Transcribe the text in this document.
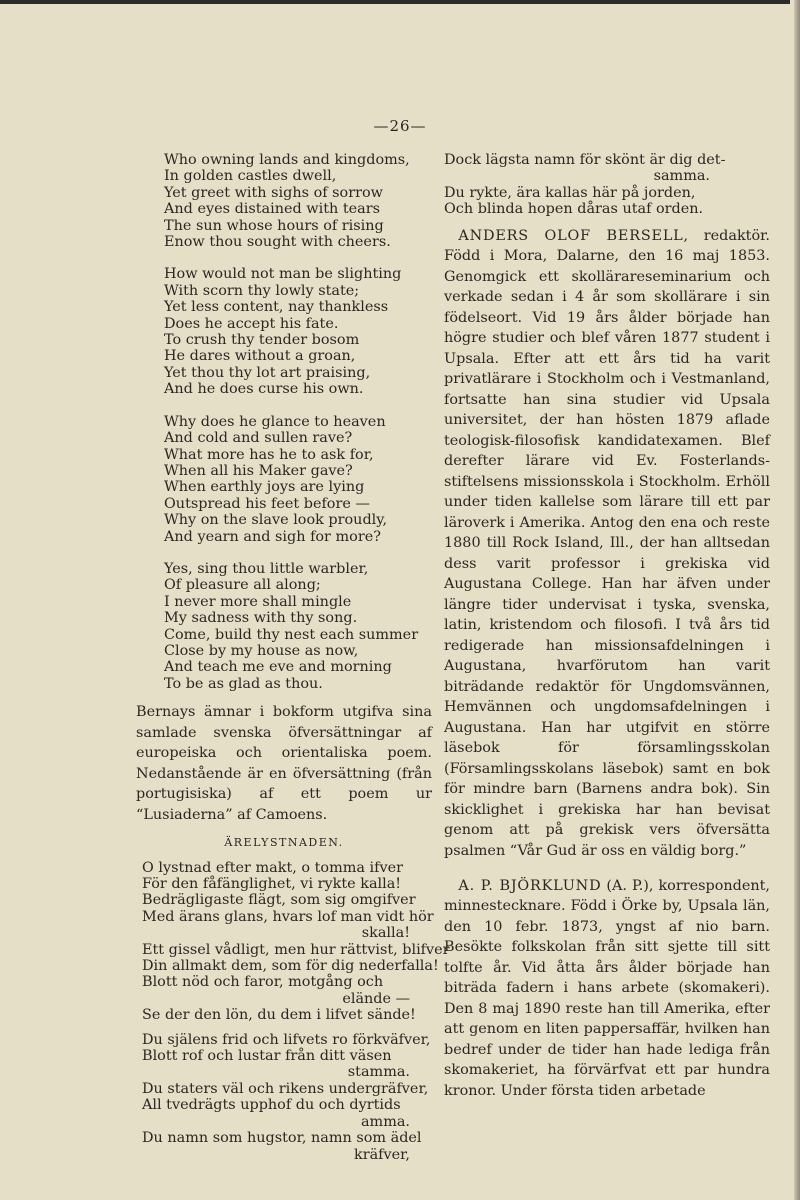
—26—
Who owning lands and kingdoms,
In golden castles dwell,
Yet greet with sighs of sorrow
And eyes distained with tears
The sun whose hours of rising
Enow thou sought with cheers.
How would not man be slighting
With scorn thy lowly state;
Yet less content, nay thankless
Does he accept his fate.
To crush thy tender bosom
He dares without a groan,
Yet thou thy lot art praising,
And he does curse his own.
Why does he glance to heaven
And cold and sullen rave?
What more has he to ask for,
When all his Maker gave?
When earthly joys are lying
Outspread his feet before —
Why on the slave look proudly,
And yearn and sigh for more?
Yes, sing thou little warbler,
Of pleasure all along;
I never more shall mingle
My sadness with thy song.
Come, build thy nest each summer
Close by my house as now,
And teach me eve and morning
To be as glad as thou.

Bernays ämnar i bokform utgifva sina samlade svenska öfversättningar af europeiska och orientaliska poem. Nedanstående är en öfversättning (från portugisiska) af ett poem ur “Lusiaderna” af Camoens.

ÄRELYSTNADEN.
O lystnad efter makt, o tomma ifver
För den fåfänglighet, vi rykte kalla!
Bedrägligaste flägt, som sig omgifver
Med ärans glans, hvars lof man vidt hör
skalla!
Ett gissel vådligt, men hur rättvist, blifver
Din allmakt dem, som för dig nederfalla!
Blott nöd och faror, motgång och
elände —
Se der den lön, du dem i lifvet sände!
Du själens frid och lifvets ro förkväfver,
Blott rof och lustar från ditt väsen
stamma.
Du staters väl och rikens undergräfver,
All tvedrägts upphof du och dyrtids
amma.
Du namn som hugstor, namn som ädel
kräfver,
Dock lägsta namn för skönt är dig det-
samma.
Du rykte, ära kallas här på jorden,
Och blinda hopen dåras utaf orden.

 ANDERS OLOF BERSELL, redaktör. Född i Mora, Dalarne, den 16 maj 1853. Genomgick ett skollärareseminarium och verkade sedan i 4 år som skollärare i sin födelseort. Vid 19 års ålder började han högre studier och blef våren 1877 student i Upsala. Efter att ett års tid ha varit privatlärare i Stockholm och i Vestmanland, fortsatte han sina studier vid Upsala universitet, der han hösten 1879 aflade teologisk-filosofisk kandidatexamen. Blef derefter lärare vid Ev. Fosterlands-stiftelsens missionsskola i Stockholm. Erhöll under tiden kallelse som lärare till ett par läroverk i Amerika. Antog den ena och reste 1880 till Rock Island, Ill., der han alltsedan dess varit professor i grekiska vid Augustana College. Han har äfven under längre tider undervisat i tyska, svenska, latin, kristendom och filosofi. I två års tid redigerade han missionsafdelningen i Augustana, hvarförutom han varit biträdande redaktör för Ungdomsvännen, Hemvännen och ungdomsafdelningen i Augustana. Han har utgifvit en större läsebok för församlingsskolan (Församlingsskolans läsebok) samt en bok för mindre barn (Barnens andra bok). Sin skicklighet i grekiska har han bevisat genom att på grekisk vers öfversätta psalmen “Vår Gud är oss en väldig borg.”

 A. P. BJÖRKLUND (A. P.), korrespondent, minnestecknare. Född i Örke by, Upsala län, den 10 febr. 1873, yngst af nio barn. Besökte folkskolan från sitt sjette till sitt tolfte år. Vid åtta års ålder började han biträda fadern i hans arbete (skomakeri). Den 8 maj 1890 reste han till Amerika, efter att genom en liten pappersaffär, hvilken han bedref under de tider han hade lediga från skomakeriet, ha förvärfvat ett par hundra kronor. Under första tiden arbetade
